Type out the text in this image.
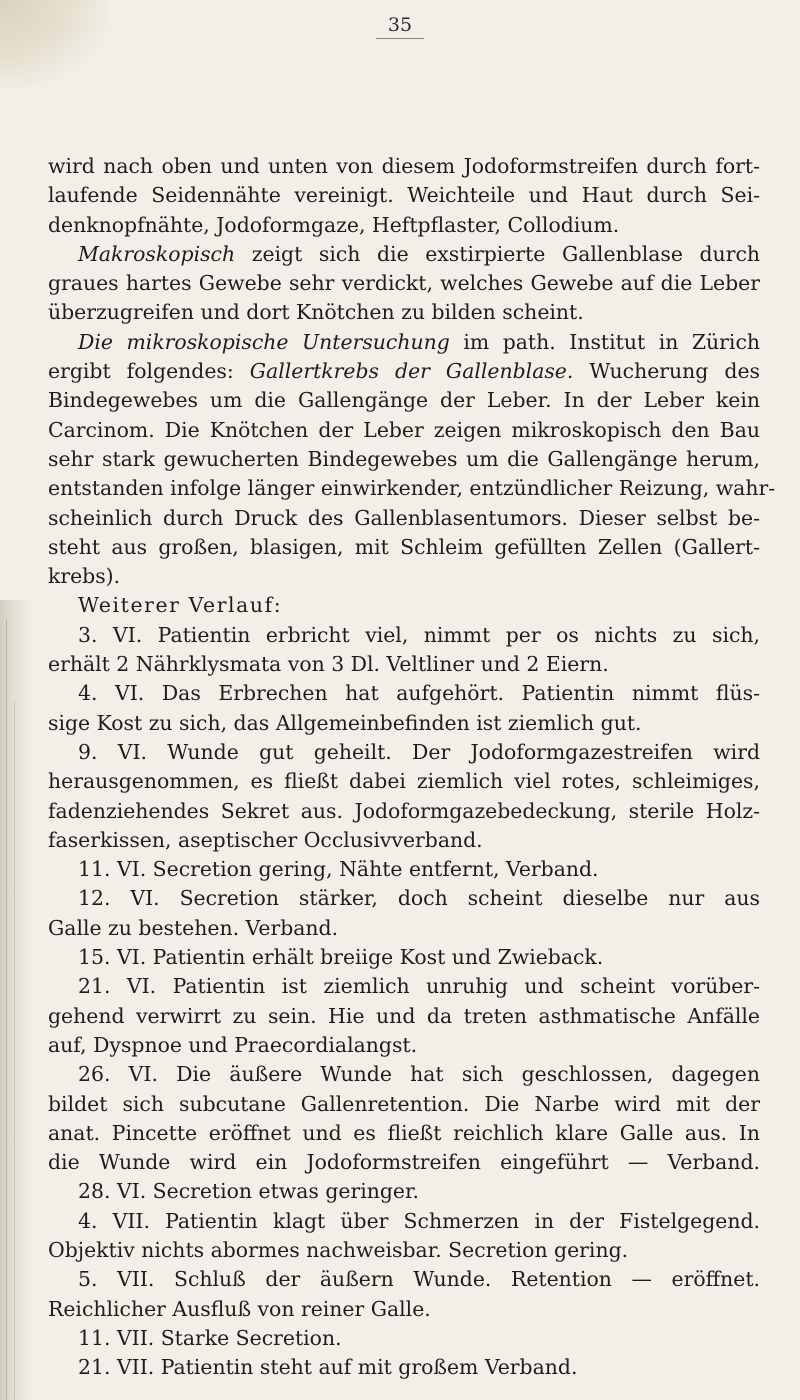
35
wird nach oben und unten von diesem Jodoformstreifen durch fort-
laufende Seidennähte vereinigt. Weichteile und Haut durch Sei-
denknopfnähte, Jodoformgaze, Heftpflaster, Collodium.
Makroskopisch zeigt sich die exstirpierte Gallenblase durch
graues hartes Gewebe sehr verdickt, welches Gewebe auf die Leber
überzugreifen und dort Knötchen zu bilden scheint.
Die mikroskopische Untersuchung im path. Institut in Zürich
ergibt folgendes: Gallertkrebs der Gallenblase. Wucherung des
Bindegewebes um die Gallengänge der Leber. In der Leber kein
Carcinom. Die Knötchen der Leber zeigen mikroskopisch den Bau
sehr stark gewucherten Bindegewebes um die Gallengänge herum,
entstanden infolge länger einwirkender, entzündlicher Reizung, wahr-
scheinlich durch Druck des Gallenblasentumors. Dieser selbst be-
steht aus großen, blasigen, mit Schleim gefüllten Zellen (Gallert-
krebs).
Weiterer Verlauf:
3. VI. Patientin erbricht viel, nimmt per os nichts zu sich,
erhält 2 Nährklysmata von 3 Dl. Veltliner und 2 Eiern.
4. VI. Das Erbrechen hat aufgehört. Patientin nimmt flüs-
sige Kost zu sich, das Allgemeinbefinden ist ziemlich gut.
9. VI. Wunde gut geheilt. Der Jodoformgazestreifen wird
herausgenommen, es fließt dabei ziemlich viel rotes, schleimiges,
fadenziehendes Sekret aus. Jodoformgazebedeckung, sterile Holz-
faserkissen, aseptischer Occlusivverband.
11. VI. Secretion gering, Nähte entfernt, Verband.
12. VI. Secretion stärker, doch scheint dieselbe nur aus
Galle zu bestehen. Verband.
15. VI. Patientin erhält breiige Kost und Zwieback.
21. VI. Patientin ist ziemlich unruhig und scheint vorüber-
gehend verwirrt zu sein. Hie und da treten asthmatische Anfälle
auf, Dyspnoe und Praecordialangst.
26. VI. Die äußere Wunde hat sich geschlossen, dagegen
bildet sich subcutane Gallenretention. Die Narbe wird mit der
anat. Pincette eröffnet und es fließt reichlich klare Galle aus. In
die Wunde wird ein Jodoformstreifen eingeführt — Verband.
28. VI. Secretion etwas geringer.
4. VII. Patientin klagt über Schmerzen in der Fistelgegend.
Objektiv nichts abormes nachweisbar. Secretion gering.
5. VII. Schluß der äußern Wunde. Retention — eröffnet.
Reichlicher Ausfluß von reiner Galle.
11. VII. Starke Secretion.
21. VII. Patientin steht auf mit großem Verband.
